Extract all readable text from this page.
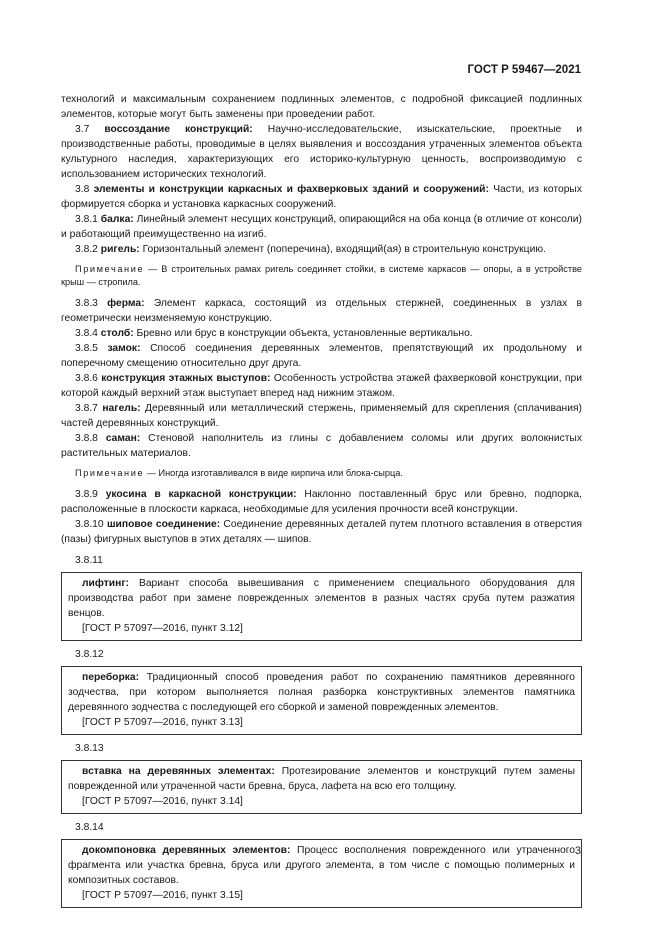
ГОСТ Р 59467—2021

технологий и максимальным сохранением подлинных элементов, с подробной фиксацией подлинных элементов, которые могут быть заменены при проведении работ.

3.7 воссоздание конструкций: Научно-исследовательские, изыскательские, проектные и производственные работы, проводимые в целях выявления и воссоздания утраченных элементов объекта культурного наследия, характеризующих его историко-культурную ценность, воспроизводимую с использованием исторических технологий.

3.8 элементы и конструкции каркасных и фахверковых зданий и сооружений: Части, из которых формируется сборка и установка каркасных сооружений.

3.8.1 балка: Линейный элемент несущих конструкций, опирающийся на оба конца (в отличие от консоли) и работающий преимущественно на изгиб.

3.8.2 ригель: Горизонтальный элемент (поперечина), входящий(ая) в строительную конструкцию.

Примечание — В строительных рамах ригель соединяет стойки, в системе каркасов — опоры, а в устройстве крыш — стропила.

3.8.3 ферма: Элемент каркаса, состоящий из отдельных стержней, соединенных в узлах в геометрически неизменяемую конструкцию.

3.8.4 столб: Бревно или брус в конструкции объекта, установленные вертикально.

3.8.5 замок: Способ соединения деревянных элементов, препятствующий их продольному и поперечному смещению относительно друг друга.

3.8.6 конструкция этажных выступов: Особенность устройства этажей фахверковой конструкции, при которой каждый верхний этаж выступает вперед над нижним этажом.

3.8.7 нагель: Деревянный или металлический стержень, применяемый для скрепления (сплачивания) частей деревянных конструкций.

3.8.8 саман: Стеновой наполнитель из глины с добавлением соломы или других волокнистых растительных материалов.

Примечание — Иногда изготавливался в виде кирпича или блока-сырца.

3.8.9 укосина в каркасной конструкции: Наклонно поставленный брус или бревно, подпорка, расположенные в плоскости каркаса, необходимые для усиления прочности всей конструкции.

3.8.10 шиповое соединение: Соединение деревянных деталей путем плотного вставления в отверстия (пазы) фигурных выступов в этих деталях — шипов.

3.8.11

лифтинг: Вариант способа вывешивания с применением специального оборудования для производства работ при замене поврежденных элементов в разных частях сруба путем разжатия венцов.

[ГОСТ Р 57097—2016, пункт 3.12]

3.8.12

переборка: Традиционный способ проведения работ по сохранению памятников деревянного зодчества, при котором выполняется полная разборка конструктивных элементов памятника деревянного зодчества с последующей его сборкой и заменой поврежденных элементов.

[ГОСТ Р 57097—2016, пункт 3.13]

3.8.13

вставка на деревянных элементах: Протезирование элементов и конструкций путем замены поврежденной или утраченной части бревна, бруса, лафета на всю его толщину.

[ГОСТ Р 57097—2016, пункт 3.14]

3.8.14

докомпоновка деревянных элементов: Процесс восполнения поврежденного или утраченного фрагмента или участка бревна, бруса или другого элемента, в том числе с помощью полимерных и композитных составов.

[ГОСТ Р 57097—2016, пункт 3.15]

3
